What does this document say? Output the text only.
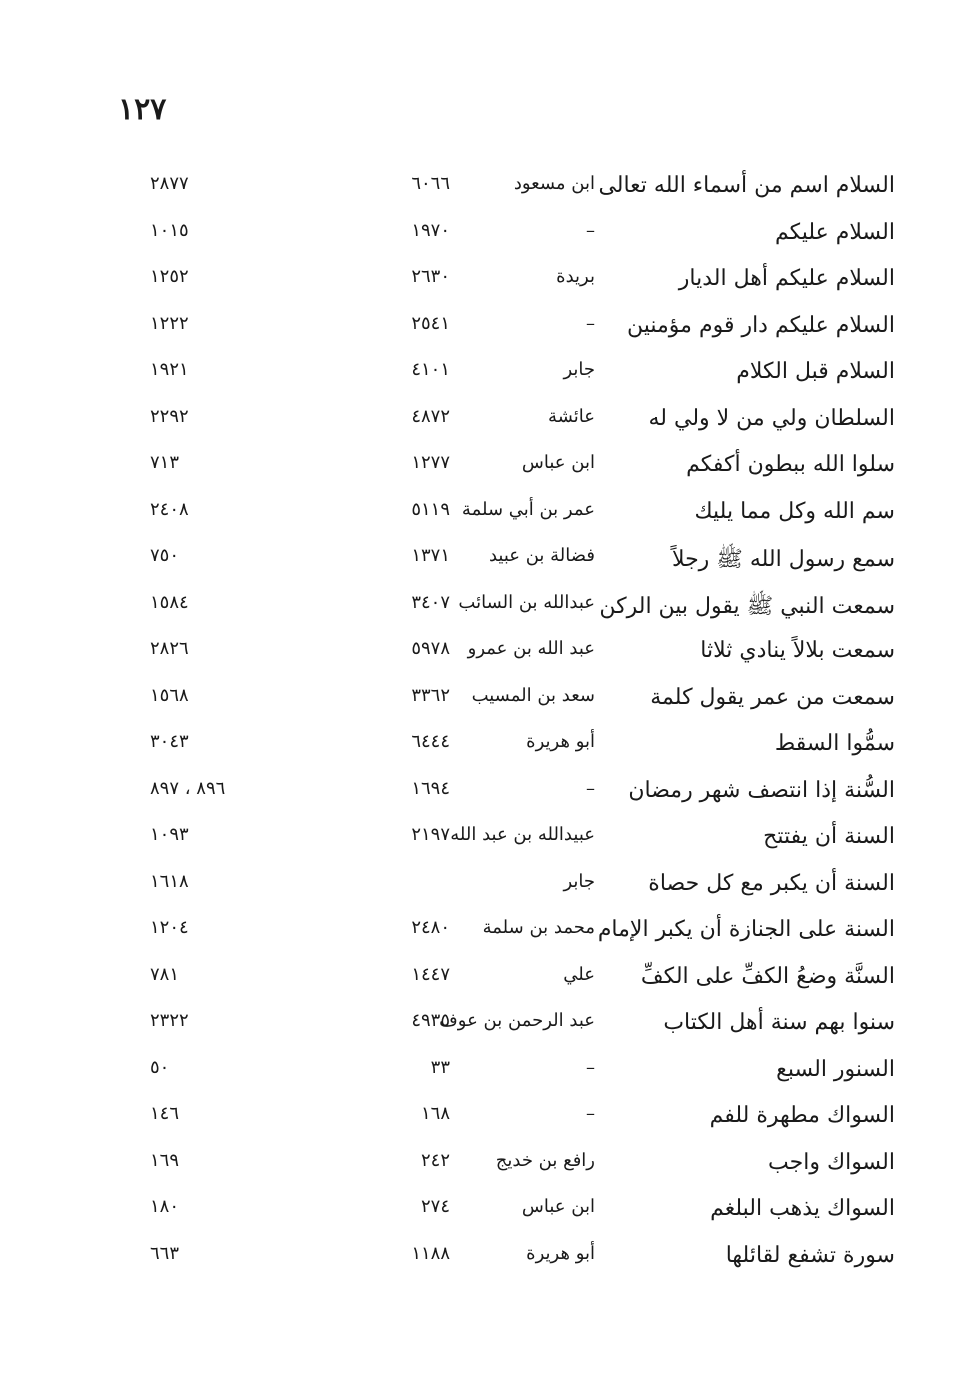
١٢٧
السلام اسم من أسماء الله تعالى
ابن مسعود
٦٠٦٦
٢٨٧٧
السلام عليكم
–
١٩٧٠
١٠١٥
السلام عليكم أهل الديار
بريدة
٢٦٣٠
١٢٥٢
السلام عليكم دار قوم مؤمنين
–
٢٥٤١
١٢٢٢
السلام قبل الكلام
جابر
٤١٠١
١٩٢١
السلطان ولي من لا ولي له
عائشة
٤٨٧٢
٢٢٩٢
سلوا الله ببطون أكفكم
ابن عباس
١٢٧٧
٧١٣
سم الله وكل مما يليك
عمر بن أبي سلمة
٥١١٩
٢٤٠٨
سمع رسول الله ﷺ رجلاً
فضالة بن عبيد
١٣٧١
٧٥٠
سمعت النبي ﷺ يقول بين الركن
عبدالله بن السائب
٣٤٠٧
١٥٨٤
سمعت بلالاً ينادي ثلاثا
عبد الله بن عمرو
٥٩٧٨
٢٨٢٦
سمعت من عمر يقول كلمة
سعد بن المسيب
٣٣٦٢
١٥٦٨
سمُّوا السقط
أبو هريرة
٦٤٤٤
٣٠٤٣
السُّنة إذا انتصف شهر رمضان
–
١٦٩٤
٨٩٦ ، ٨٩٧
السنة أن يفتتح
عبيدالله بن عبد الله
٢١٩٧
١٠٩٣
السنة أن يكبر مع كل حصاة
جابر
١٦١٨
السنة على الجنازة أن يكبر الإمام
محمد بن سلمة
٢٤٨٠
١٢٠٤
السنَّة وضعُ الكفِّ على الكفِّ
علي
١٤٤٧
٧٨١
سنوا بهم سنة أهل الكتاب
عبد الرحمن بن عوف
٤٩٣٥
٢٣٢٢
السنور السبع
–
٣٣
٥٠
السواك مطهرة للفم
–
١٦٨
١٤٦
السواك واجب
رافع بن خديج
٢٤٢
١٦٩
السواك يذهب البلغم
ابن عباس
٢٧٤
١٨٠
سورة تشفع لقائلها
أبو هريرة
١١٨٨
٦٦٣
